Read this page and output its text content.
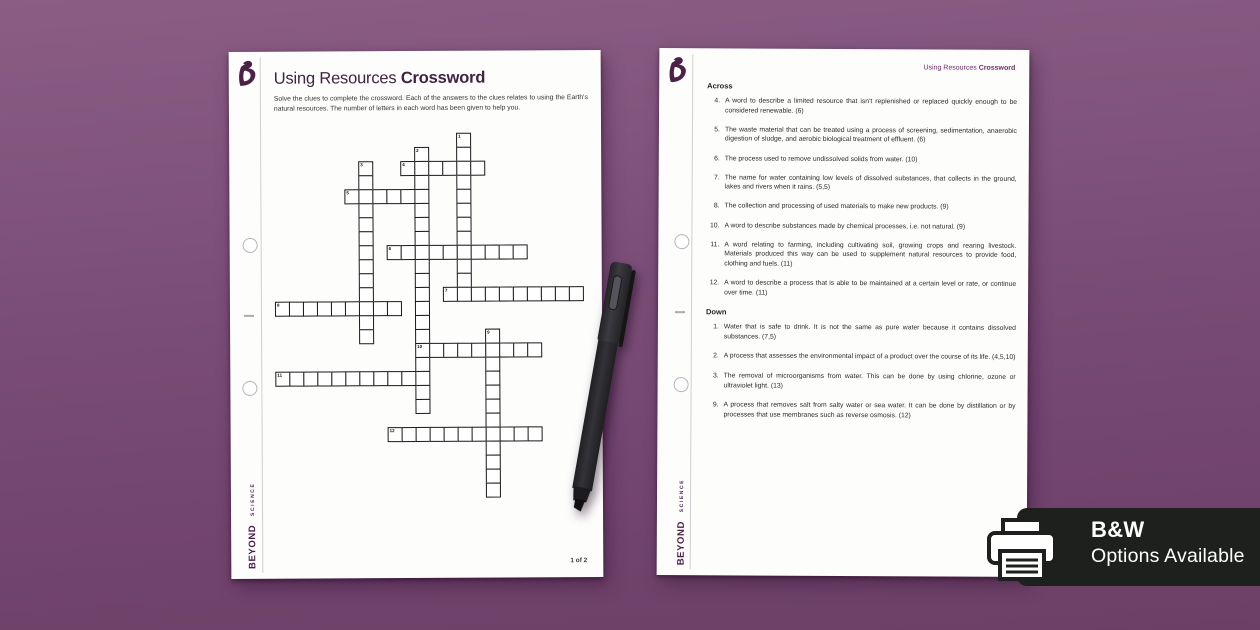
BEYOND SCIENCE
Using Resources Crossword
Solve the clues to complete the crossword. Each of the answers to the clues relates to using the Earth's natural resources. The number of letters in each word has been given to help you.
1
2
10
3	4
5
6
7
8
9
11
12
1 of 2	BEYOND SCIENCE
Using Resources Crossword
Across
4. A word to describe a limited resource that isn't replenished or replaced quickly enough to be considered renewable. (6)
5. The waste material that can be treated using a process of screening, sedimentation, anaerobic digestion of sludge, and aerobic biological treatment of effluent. (6)
6. The process used to remove undissolved solids from water. (10)
7. The name for water containing low levels of dissolved substances, that collects in the ground, lakes and rivers when it rains. (5,5)
8. The collection and processing of used materials to make new products. (9)
10. A word to describe substances made by chemical processes, i.e. not natural. (9)
11. A word relating to farming, including cultivating soil, growing crops and rearing livestock. Materials produced this way can be used to supplement natural resources to provide food, clothing and fuels. (11)
12. A word to describe a process that is able to be maintained at a certain level or rate, or continue over time. (11)
Down
1. Water that is safe to drink. It is not the same as pure water because it contains dissolved substances. (7,5)
2. A process that assesses the environmental impact of a product over the course of its life. (4,5,10)
3. The removal of microorganisms from water. This can be done by using chlorine, ozone or ultraviolet light. (13)
9. A process that removes salt from salty water or sea water. It can be done by distillation or by processes that use membranes such as reverse osmosis. (12)
B&W
Options Available
